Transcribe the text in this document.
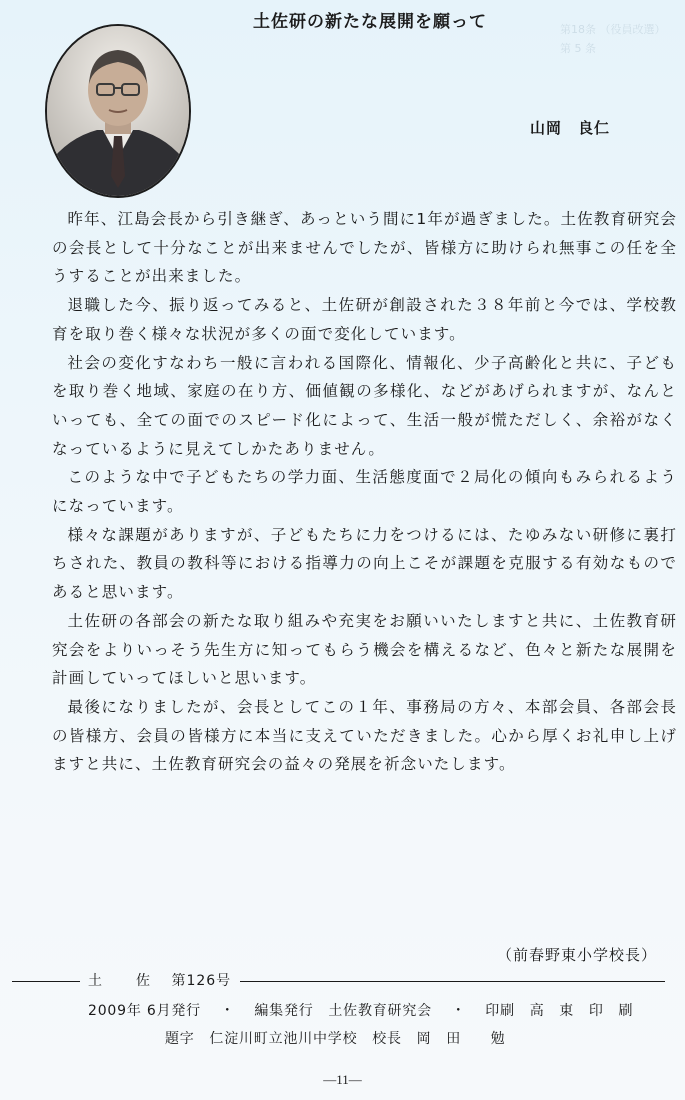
第18条 （役員改選）
第 5 条

土佐研の新たな展開を願って
山岡　良仁

昨年、江島会長から引き継ぎ、あっという間に1年が過ぎました。土佐教育研究会の会長として十分なことが出来ませんでしたが、皆様方に助けられ無事この任を全うすることが出来ました。

退職した今、振り返ってみると、土佐研が創設された３８年前と今では、学校教育を取り巻く様々な状況が多くの面で変化しています。

社会の変化すなわち一般に言われる国際化、情報化、少子高齢化と共に、子どもを取り巻く地域、家庭の在り方、価値観の多様化、などがあげられますが、なんといっても、全ての面でのスピード化によって、生活一般が慌ただしく、余裕がなくなっているように見えてしかたありません。

このような中で子どもたちの学力面、生活態度面で２局化の傾向もみられるようになっています。

様々な課題がありますが、子どもたちに力をつけるには、たゆみない研修に裏打ちされた、教員の教科等における指導力の向上こそが課題を克服する有効なものであると思います。

土佐研の各部会の新たな取り組みや充実をお願いいたしますと共に、土佐教育研究会をよりいっそう先生方に知ってもらう機会を構えるなど、色々と新たな展開を計画していってほしいと思います。

最後になりましたが、会長としてこの１年、事務局の方々、本部会員、各部会長の皆様方、会員の皆様方に本当に支えていただきました。心から厚くお礼申し上げますと共に、土佐教育研究会の益々の発展を祈念いたします。

（前春野東小学校長）
土　佐 第126号
2009年 6月発行 ・ 編集発行　土佐教育研究会 ・ 印刷　高　東　印　刷
題字　仁淀川町立池川中学校　校長　岡　田　　勉
—11—
